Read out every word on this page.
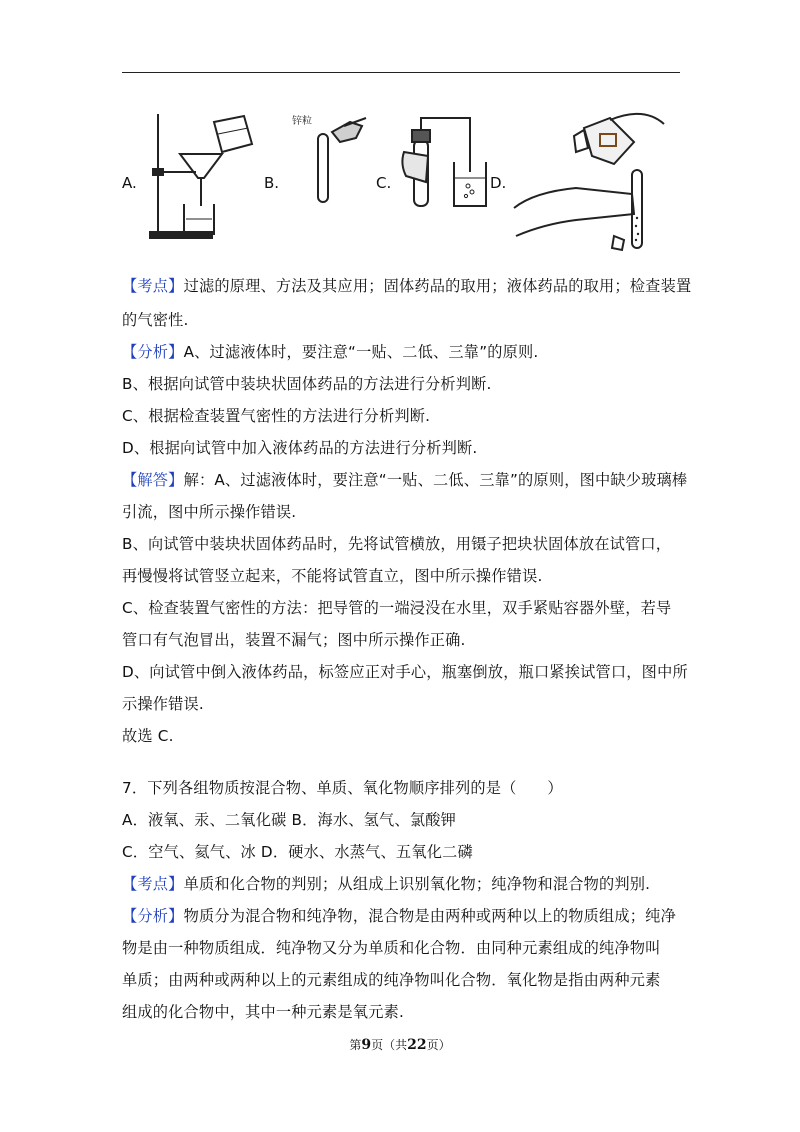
A.	B.
锌粒
C.	D.
【考点】过滤的原理、方法及其应用；固体药品的取用；液体药品的取用；检查装置
的气密性.
【分析】A、过滤液体时，要注意“一贴、二低、三靠”的原则.
B、根据向试管中装块状固体药品的方法进行分析判断.
C、根据检查装置气密性的方法进行分析判断.
D、根据向试管中加入液体药品的方法进行分析判断.
【解答】解：A、过滤液体时，要注意“一贴、二低、三靠”的原则，图中缺少玻璃棒
引流，图中所示操作错误.
B、向试管中装块状固体药品时，先将试管横放，用镊子把块状固体放在试管口，
再慢慢将试管竖立起来，不能将试管直立，图中所示操作错误.
C、检查装置气密性的方法：把导管的一端浸没在水里，双手紧贴容器外壁，若导
管口有气泡冒出，装置不漏气；图中所示操作正确.
D、向试管中倒入液体药品，标签应正对手心，瓶塞倒放，瓶口紧挨试管口，图中所
示操作错误.
故选 C.
7．下列各组物质按混合物、单质、氧化物顺序排列的是（　　）
A．液氧、汞、二氧化碳 B．海水、氢气、氯酸钾
C．空气、氦气、冰 D．硬水、水蒸气、五氧化二磷
【考点】单质和化合物的判别；从组成上识别氧化物；纯净物和混合物的判别.
【分析】物质分为混合物和纯净物，混合物是由两种或两种以上的物质组成；纯净
物是由一种物质组成．纯净物又分为单质和化合物．由同种元素组成的纯净物叫
单质；由两种或两种以上的元素组成的纯净物叫化合物．氧化物是指由两种元素
组成的化合物中，其中一种元素是氧元素.
第9页（共22页）
